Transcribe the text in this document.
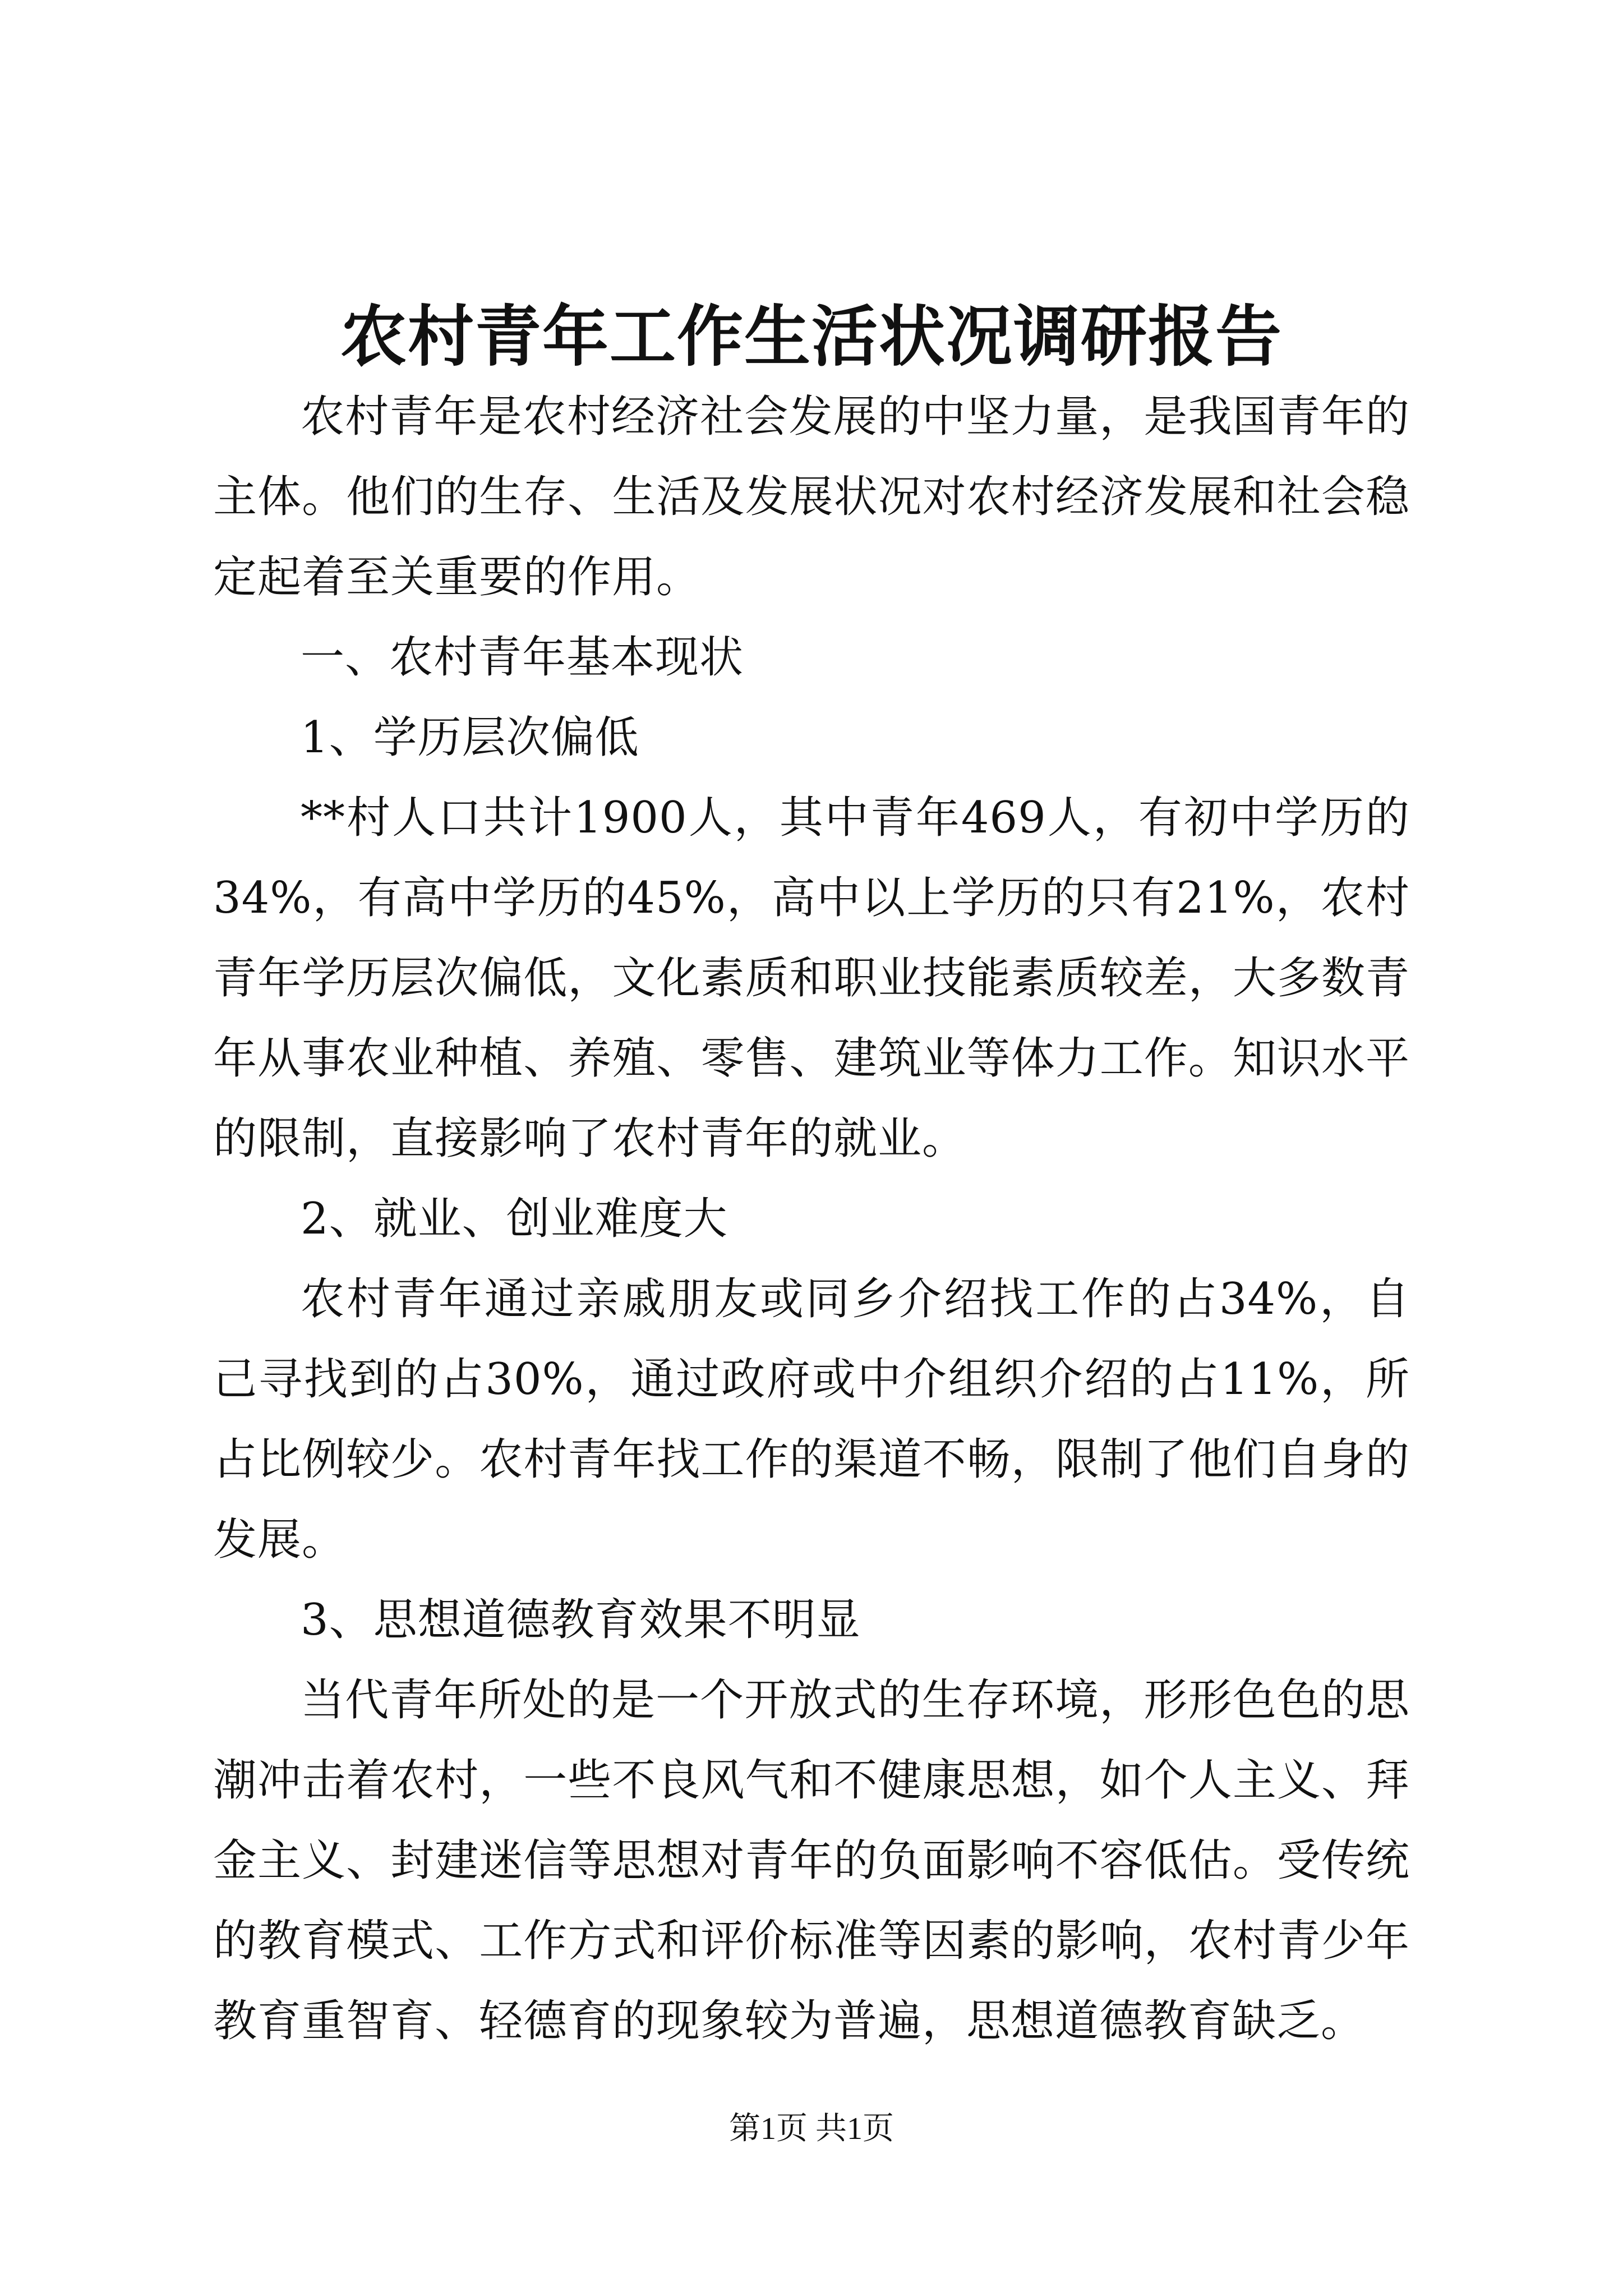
农村青年工作生活状况调研报告

农村青年是农村经济社会发展的中坚力量，是我国青年的主体。他们的生存、生活及发展状况对农村经济发展和社会稳定起着至关重要的作用。

一、农村青年基本现状

1、学历层次偏低

**村人口共计1900人，其中青年469人，有初中学历的34%，有高中学历的45%，高中以上学历的只有21%，农村青年学历层次偏低，文化素质和职业技能素质较差，大多数青年从事农业种植、养殖、零售、建筑业等体力工作。知识水平的限制，直接影响了农村青年的就业。

2、就业、创业难度大

农村青年通过亲戚朋友或同乡介绍找工作的占34%，自己寻找到的占30%，通过政府或中介组织介绍的占11%，所占比例较少。农村青年找工作的渠道不畅，限制了他们自身的发展。

3、思想道德教育效果不明显

当代青年所处的是一个开放式的生存环境，形形色色的思潮冲击着农村，一些不良风气和不健康思想，如个人主义、拜金主义、封建迷信等思想对青年的负面影响不容低估。受传统的教育模式、工作方式和评价标准等因素的影响，农村青少年教育重智育、轻德育的现象较为普遍，思想道德教育缺乏。

第1页 共1页
